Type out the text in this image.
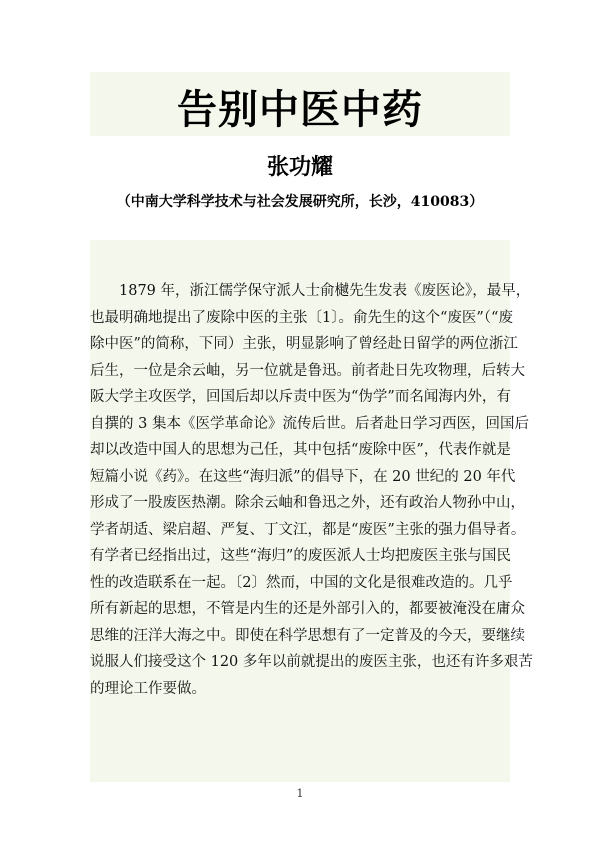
告别中医中药
张功耀
（中南大学科学技术与社会发展研究所，长沙，410083）
　　1879 年，浙江儒学保守派人士俞樾先生发表《废医论》，最早，
也最明确地提出了废除中医的主张〔1〕。俞先生的这个“废医”（“废
除中医”的简称，下同）主张，明显影响了曾经赴日留学的两位浙江
后生，一位是余云岫，另一位就是鲁迅。前者赴日先攻物理，后转大
阪大学主攻医学，回国后却以斥责中医为“伪学”而名闻海内外，有
自撰的 3 集本《医学革命论》流传后世。后者赴日学习西医，回国后
却以改造中国人的思想为己任，其中包括“废除中医”，代表作就是
短篇小说《药》。在这些“海归派”的倡导下，在 20 世纪的 20 年代
形成了一股废医热潮。除余云岫和鲁迅之外，还有政治人物孙中山，
学者胡适、梁启超、严复、丁文江，都是“废医”主张的强力倡导者。
有学者已经指出过，这些“海归”的废医派人士均把废医主张与国民
性的改造联系在一起。〔2〕然而，中国的文化是很难改造的。几乎
所有新起的思想，不管是内生的还是外部引入的，都要被淹没在庸众
思维的汪洋大海之中。即使在科学思想有了一定普及的今天，要继续
说服人们接受这个 120 多年以前就提出的废医主张，也还有许多艰苦
的理论工作要做。
1
